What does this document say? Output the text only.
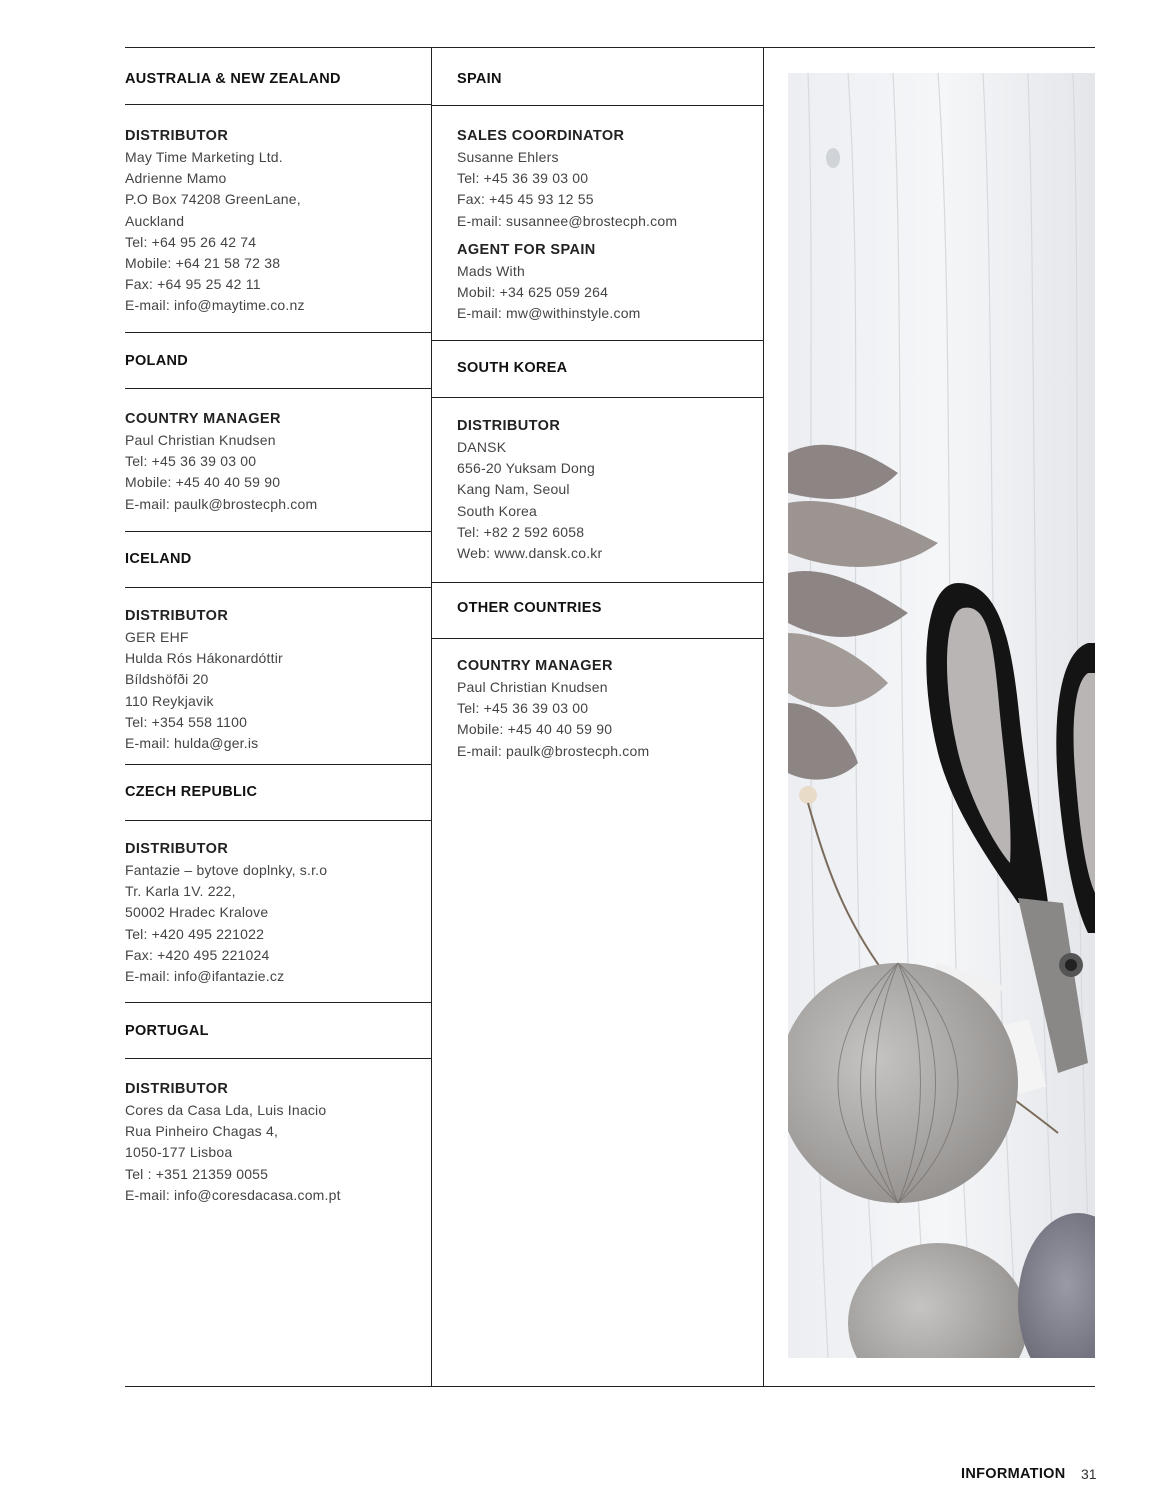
AUSTRALIA & NEW ZEALAND
DISTRIBUTOR
May Time Marketing Ltd.
Adrienne Mamo
P.O Box 74208 GreenLane,
Auckland
Tel: +64 95 26 42 74
Mobile: +64 21 58 72 38
Fax: +64 95 25 42 11
E-mail: info@maytime.co.nz
POLAND
COUNTRY MANAGER
Paul Christian Knudsen
Tel: +45 36 39 03 00
Mobile: +45 40 40 59 90
E-mail: paulk@brostecph.com
ICELAND
DISTRIBUTOR
GER EHF
Hulda Rós Hákonardóttir
Bíldshöfði 20
110 Reykjavik
Tel: +354 558 1100
E-mail: hulda@ger.is
CZECH REPUBLIC
DISTRIBUTOR
Fantazie – bytove doplnky, s.r.o
Tr. Karla 1V. 222,
50002 Hradec Kralove
Tel: +420 495 221022
Fax: +420 495 221024
E-mail: info@ifantazie.cz
PORTUGAL
DISTRIBUTOR
Cores da Casa Lda, Luis Inacio
Rua Pinheiro Chagas 4,
1050-177 Lisboa
Tel : +351 21359 0055
E-mail: info@coresdacasa.com.pt
SPAIN
SALES COORDINATOR
Susanne Ehlers
Tel: +45 36 39 03 00
Fax: +45 45 93 12 55
E-mail: susannee@brostecph.com
AGENT FOR SPAIN
Mads With
Mobil: +34 625 059 264
E-mail: mw@withinstyle.com
SOUTH KOREA
DISTRIBUTOR
DANSK
656-20 Yuksam Dong
Kang Nam, Seoul
South Korea
Tel: +82 2 592 6058
Web: www.dansk.co.kr
OTHER COUNTRIES
COUNTRY MANAGER
Paul Christian Knudsen
Tel: +45 36 39 03 00
Mobile: +45 40 40 59 90
E-mail: paulk@brostecph.com
INFORMATION 31
